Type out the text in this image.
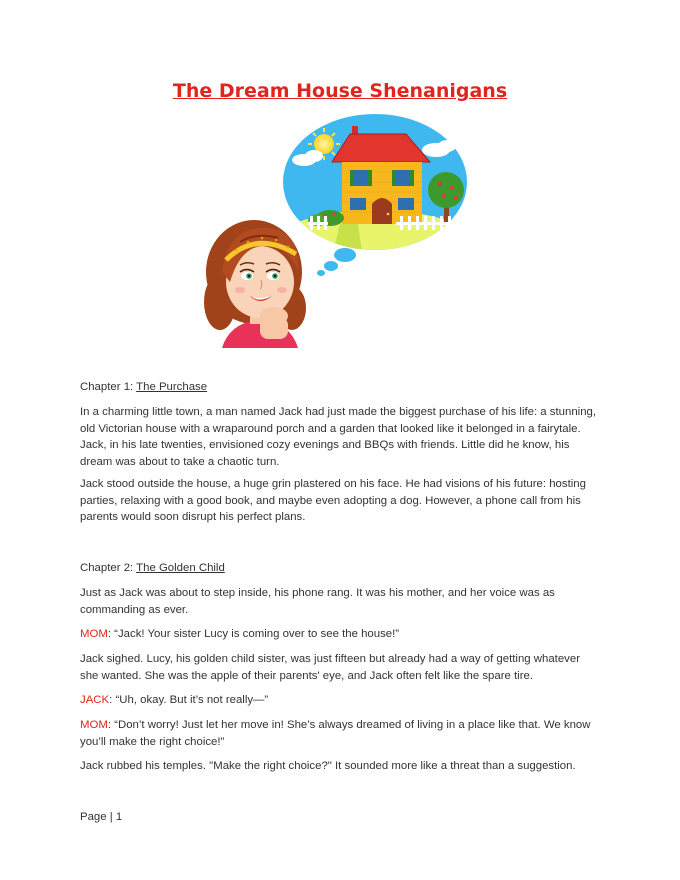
The Dream House Shenanigans
Chapter 1: The Purchase

In a charming little town, a man named Jack had just made the biggest purchase of his life: a stunning, old Victorian house with a wraparound porch and a garden that looked like it belonged in a fairytale. Jack, in his late twenties, envisioned cozy evenings and BBQs with friends. Little did he know, his dream was about to take a chaotic turn.

Jack stood outside the house, a huge grin plastered on his face. He had visions of his future: hosting parties, relaxing with a good book, and maybe even adopting a dog. However, a phone call from his parents would soon disrupt his perfect plans.

Chapter 2: The Golden Child

Just as Jack was about to step inside, his phone rang. It was his mother, and her voice was as commanding as ever.

MOM: “Jack! Your sister Lucy is coming over to see the house!”

Jack sighed. Lucy, his golden child sister, was just fifteen but already had a way of getting whatever she wanted. She was the apple of their parents' eye, and Jack often felt like the spare tire.

JACK: “Uh, okay. But it’s not really—”
MOM: “Don’t worry! Just let her move in! She’s always dreamed of living in a place like that. We know you’ll make the right choice!”

Jack rubbed his temples. "Make the right choice?" It sounded more like a threat than a suggestion.

Page | 1
